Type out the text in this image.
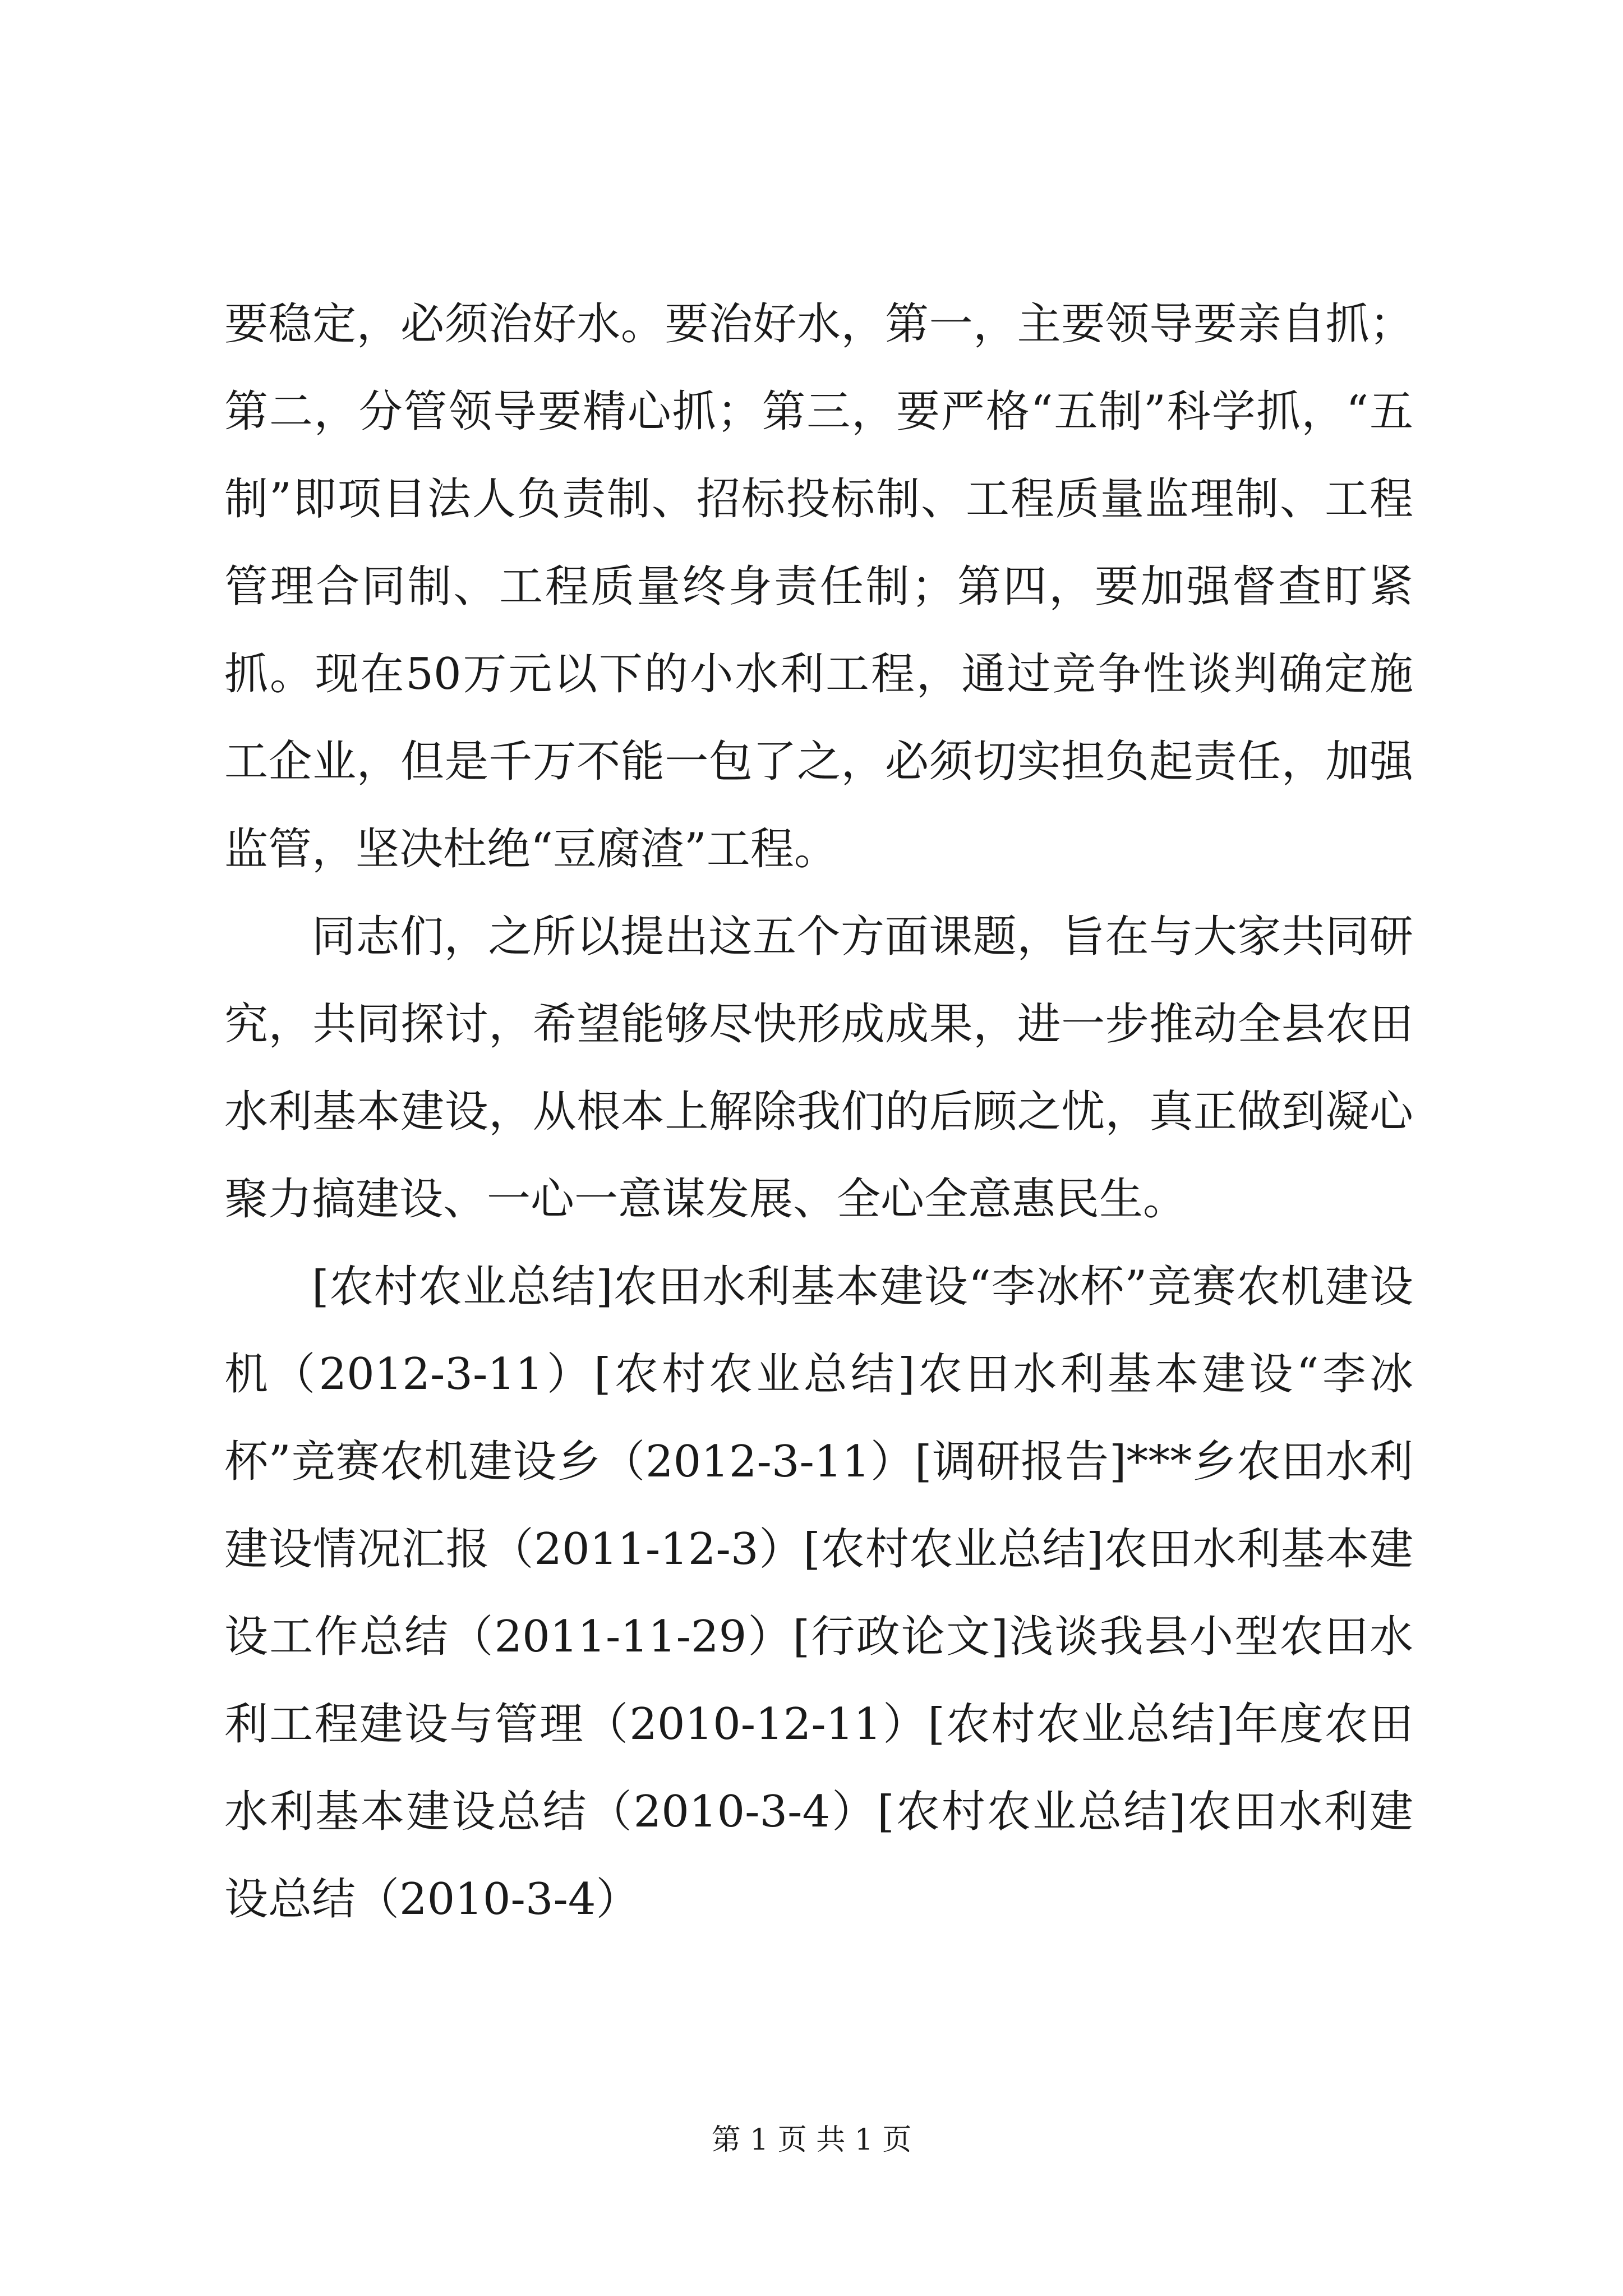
要稳定，必须治好水。要治好水，第一，主要领导要亲自抓；第二，分管领导要精心抓；第三，要严格“五制”科学抓，“五制”即项目法人负责制、招标投标制、工程质量监理制、工程管理合同制、工程质量终身责任制；第四，要加强督查盯紧抓。现在50万元以下的小水利工程，通过竞争性谈判确定施工企业，但是千万不能一包了之，必须切实担负起责任，加强监管，坚决杜绝“豆腐渣”工程。

同志们，之所以提出这五个方面课题，旨在与大家共同研究，共同探讨，希望能够尽快形成成果，进一步推动全县农田水利基本建设，从根本上解除我们的后顾之忧，真正做到凝心聚力搞建设、一心一意谋发展、全心全意惠民生。

[农村农业总结]农田水利基本建设“李冰杯”竞赛农机建设机（2012-3-11）[农村农业总结]农田水利基本建设“李冰杯”竞赛农机建设乡（2012-3-11）[调研报告]***乡农田水利建设情况汇报（2011-12-3）[农村农业总结]农田水利基本建设工作总结（2011-11-29）[行政论文]浅谈我县小型农田水利工程建设与管理（2010-12-11）[农村农业总结]年度农田水利基本建设总结（2010-3-4）[农村农业总结]农田水利建设总结（2010-3-4）

第 1 页 共 1 页
